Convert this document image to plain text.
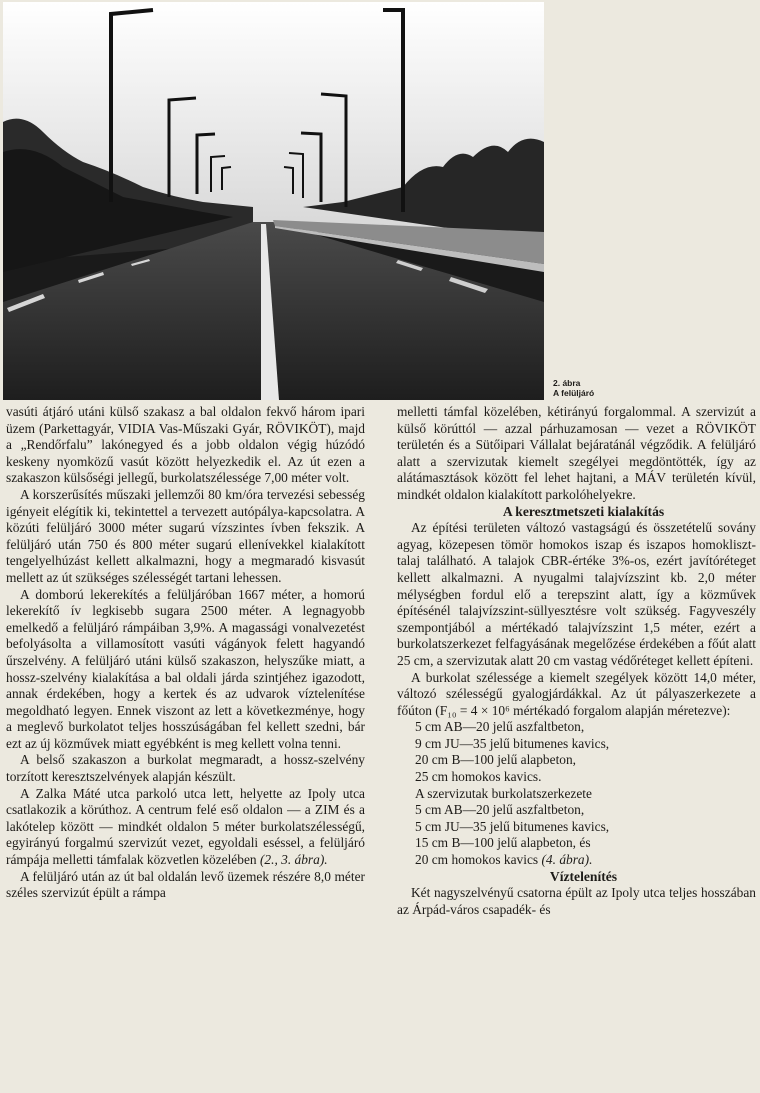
2. ábra
A felüljáró

vasúti átjáró utáni külső szakasz a bal oldalon fekvő három ipari üzem (Parkettagyár, VIDIA Vas-Műszaki Gyár, RÖVIKÖT), majd a „Rendőrfalu” lakónegyed és a jobb oldalon végig húzódó keskeny nyomközű vasút között helyezkedik el. Az út ezen a szakaszon külsőségi jellegű, burkolatszélessége 7,00 méter volt.

A korszerűsítés műszaki jellemzői 80 km/óra tervezési sebesség igényeit elégítik ki, tekintettel a tervezett autópálya-kapcsolatra. A közúti felüljáró 3000 méter sugarú vízszintes ívben fekszik. A felüljáró után 750 és 800 méter sugarú ellenívekkel kialakított tengelyelhúzást kellett alkalmazni, hogy a megmaradó kisvasút mellett az út szükséges szélességét tartani lehessen.

A domború lekerekítés a felüljáróban 1667 méter, a homorú lekerekítő ív legkisebb sugara 2500 méter. A legnagyobb emelkedő a felüljáró rámpáiban 3,9%. A magassági vonalvezetést befolyásolta a villamosított vasúti vágányok felett hagyandó űrszelvény. A felüljáró utáni külső szakaszon, helyszűke miatt, a hossz-szelvény kialakítása a bal oldali járda szintjéhez igazodott, annak érdekében, hogy a kertek és az udvarok víztelenítése megoldható legyen. Ennek viszont az lett a következménye, hogy a meglevő burkolatot teljes hosszúságában fel kellett szedni, bár ezt az új közművek miatt egyébként is meg kellett volna tenni.

A belső szakaszon a burkolat megmaradt, a hossz-szelvény torzított keresztszelvények alapján készült.

A Zalka Máté utca parkoló utca lett, helyette az Ipoly utca csatlakozik a körúthoz. A centrum felé eső oldalon — a ZIM és a lakótelep között — mindkét oldalon 5 méter burkolatszélességű, egyirányú forgalmú szervizút vezet, egyoldali eséssel, a felüljáró rámpája melletti támfalak közvetlen közelében (2., 3. ábra).

A felüljáró után az út bal oldalán levő üzemek részére 8,0 méter széles szervizút épült a rámpa

melletti támfal közelében, kétirányú forgalommal. A szervizút a külső körúttól — azzal párhuzamosan — vezet a RÖVIKÖT területén és a Sütőipari Vállalat bejáratánál végződik. A felüljáró alatt a szervizutak kiemelt szegélyei megdöntötték, így az alátámasztások között fel lehet hajtani, a MÁV területén kívül, mindkét oldalon kialakított parkolóhelyekre.

A keresztmetszeti kialakítás

Az építési területen változó vastagságú és összetételű sovány agyag, közepesen tömör homokos iszap és iszapos homokliszt-talaj található. A talajok CBR-értéke 3%-os, ezért javítóréteget kellett alkalmazni. A nyugalmi talajvízszint kb. 2,0 méter mélységben fordul elő a terepszint alatt, így a közművek építésénél talajvízszint-süllyesztésre volt szükség. Fagyveszély szempontjából a mértékadó talajvízszint 1,5 méter, ezért a burkolatszerkezet felfagyásának megelőzése érdekében a főút alatt 25 cm, a szervizutak alatt 20 cm vastag védőréteget kellett építeni.

A burkolat szélessége a kiemelt szegélyek között 14,0 méter, változó szélességű gyalogjárdákkal. Az út pályaszerkezete a főúton (F₁₀ = 4 × 10⁶ mértékadó forgalom alapján méretezve):

5 cm AB—20 jelű aszfaltbeton,
9 cm JU—35 jelű bitumenes kavics,
20 cm B—100 jelű alapbeton,
25 cm homokos kavics.
A szervizutak burkolatszerkezete
5 cm AB—20 jelű aszfaltbeton,
5 cm JU—35 jelű bitumenes kavics,
15 cm B—100 jelű alapbeton, és
20 cm homokos kavics (4. ábra).

Víztelenítés

Két nagyszelvényű csatorna épült az Ipoly utca teljes hosszában az Árpád-város csapadék- és
